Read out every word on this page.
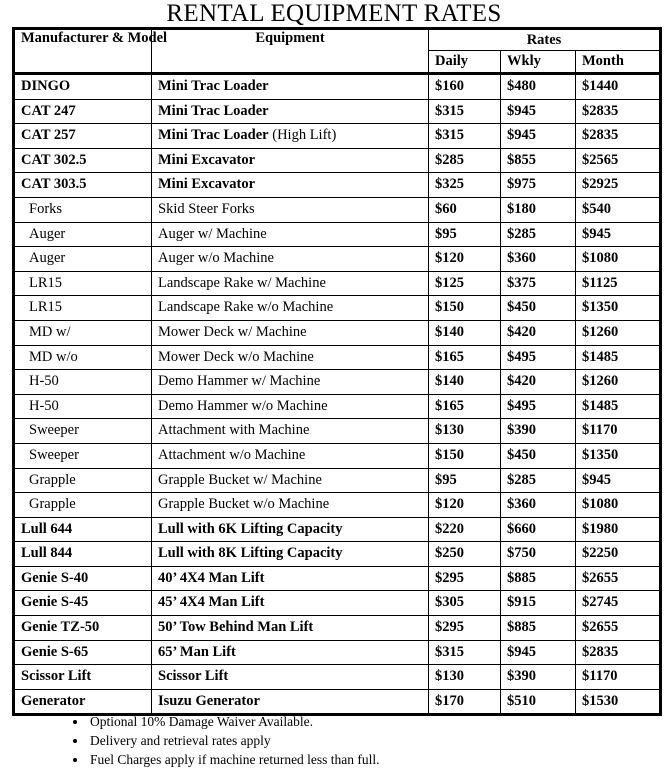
RENTAL EQUIPMENT RATES
Manufacturer & Model	Equipment	Rates		
		Daily	Wkly	Month
DINGO	Mini Trac Loader	$160	$480	$1440
CAT 247	Mini Trac Loader	$315	$945	$2835
CAT 257	Mini Trac Loader (High Lift)	$315	$945	$2835
CAT 302.5	Mini Excavator	$285	$855	$2565
CAT 303.5	Mini Excavator	$325	$975	$2925
Forks	Skid Steer Forks	$60	$180	$540
Auger	Auger w/ Machine	$95	$285	$945
Auger	Auger w/o Machine	$120	$360	$1080
LR15	Landscape Rake w/ Machine	$125	$375	$1125
LR15	Landscape Rake w/o Machine	$150	$450	$1350
MD w/	Mower Deck w/ Machine	$140	$420	$1260
MD w/o	Mower Deck w/o Machine	$165	$495	$1485
H-50	Demo Hammer w/ Machine	$140	$420	$1260
H-50	Demo Hammer w/o Machine	$165	$495	$1485
Sweeper	Attachment with Machine	$130	$390	$1170
Sweeper	Attachment w/o Machine	$150	$450	$1350
Grapple	Grapple Bucket w/ Machine	$95	$285	$945
Grapple	Grapple Bucket w/o Machine	$120	$360	$1080
Lull 644	Lull with 6K Lifting Capacity	$220	$660	$1980
Lull 844	Lull with 8K Lifting Capacity	$250	$750	$2250
Genie S-40	40’ 4X4 Man Lift	$295	$885	$2655
Genie S-45	45’ 4X4 Man Lift	$305	$915	$2745
Genie TZ-50	50’ Tow Behind Man Lift	$295	$885	$2655
Genie S-65	65’ Man Lift	$315	$945	$2835
Scissor Lift	Scissor Lift	$130	$390	$1170
Generator	Isuzu Generator	$170	$510	$1530
• Optional 10% Damage Waiver Available.
• Delivery and retrieval rates apply
• Fuel Charges apply if machine returned less than full.
